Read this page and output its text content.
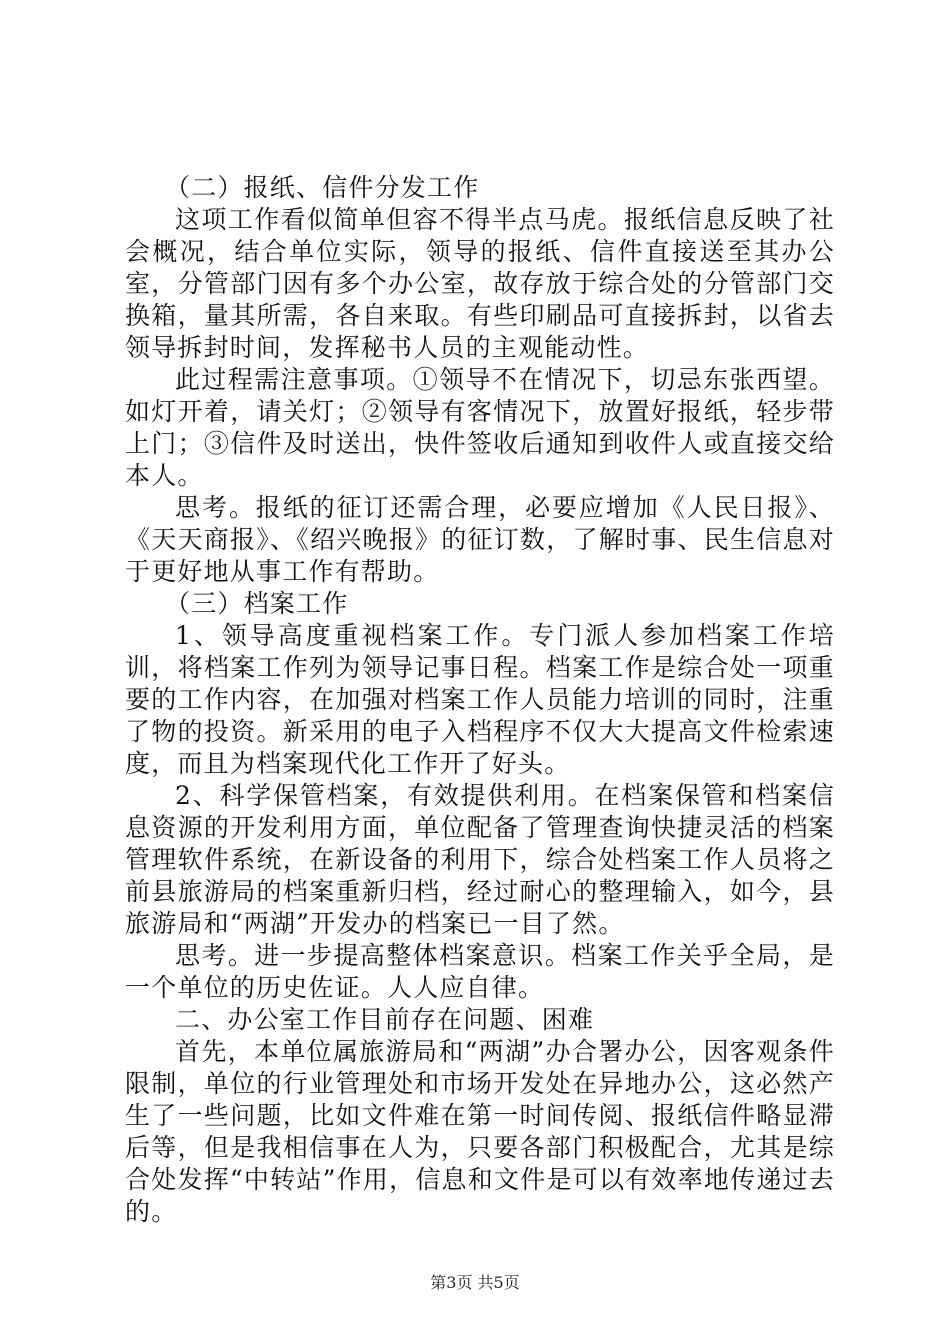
（二）报纸、信件分发工作

这项工作看似简单但容不得半点马虎。报纸信息反映了社会概况，结合单位实际，领导的报纸、信件直接送至其办公室，分管部门因有多个办公室，故存放于综合处的分管部门交换箱，量其所需，各自来取。有些印刷品可直接拆封，以省去领导拆封时间，发挥秘书人员的主观能动性。

此过程需注意事项。①领导不在情况下，切忌东张西望。如灯开着，请关灯；②领导有客情况下，放置好报纸，轻步带上门；③信件及时送出，快件签收后通知到收件人或直接交给本人。

思考。报纸的征订还需合理，必要应增加《人民日报》、《天天商报》、《绍兴晚报》的征订数，了解时事、民生信息对于更好地从事工作有帮助。

（三）档案工作

1、领导高度重视档案工作。专门派人参加档案工作培训，将档案工作列为领导记事日程。档案工作是综合处一项重要的工作内容，在加强对档案工作人员能力培训的同时，注重了物的投资。新采用的电子入档程序不仅大大提高文件检索速度，而且为档案现代化工作开了好头。

2、科学保管档案，有效提供利用。在档案保管和档案信息资源的开发利用方面，单位配备了管理查询快捷灵活的档案管理软件系统，在新设备的利用下，综合处档案工作人员将之前县旅游局的档案重新归档，经过耐心的整理输入，如今，县旅游局和“两湖”开发办的档案已一目了然。

思考。进一步提高整体档案意识。档案工作关乎全局，是一个单位的历史佐证。人人应自律。

二、办公室工作目前存在问题、困难

首先，本单位属旅游局和“两湖”办合署办公，因客观条件限制，单位的行业管理处和市场开发处在异地办公，这必然产生了一些问题，比如文件难在第一时间传阅、报纸信件略显滞后等，但是我相信事在人为，只要各部门积极配合，尤其是综合处发挥“中转站”作用，信息和文件是可以有效率地传递过去的。

第3页 共5页
